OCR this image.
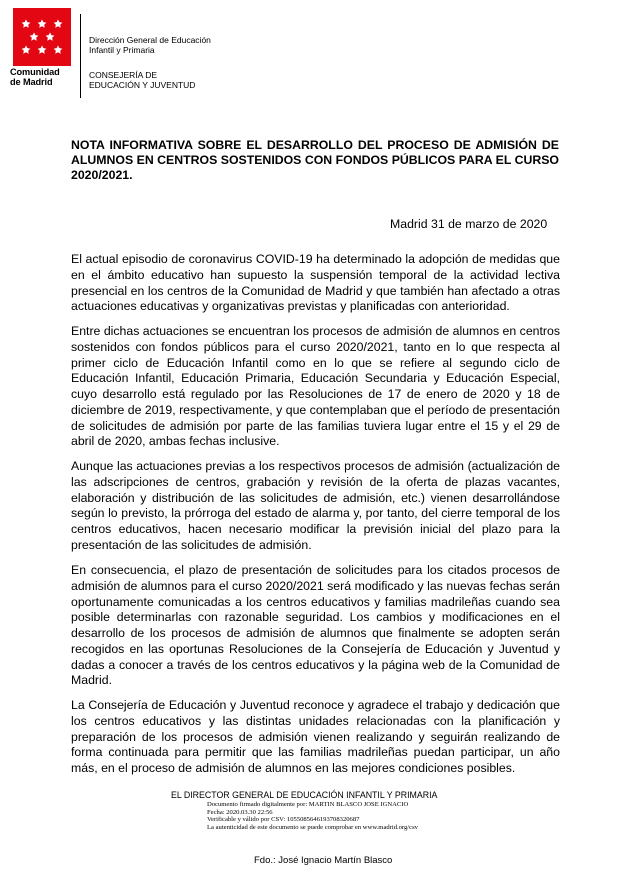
Comunidad
de Madrid
Dirección General de Educación
Infantil y Primaria
CONSEJERÍA DE
EDUCACIÓN Y JUVENTUD
NOTA INFORMATIVA SOBRE EL DESARROLLO DEL PROCESO DE ADMISIÓN DE ALUMNOS EN CENTROS SOSTENIDOS CON FONDOS PÚBLICOS PARA EL CURSO 2020/2021.
Madrid 31 de marzo de 2020

El actual episodio de coronavirus COVID-19 ha determinado la adopción de medidas que en el ámbito educativo han supuesto la suspensión temporal de la actividad lectiva presencial en los centros de la Comunidad de Madrid y que también han afectado a otras actuaciones educativas y organizativas previstas y planificadas con anterioridad.

Entre dichas actuaciones se encuentran los procesos de admisión de alumnos en centros sostenidos con fondos públicos para el curso 2020/2021, tanto en lo que respecta al primer ciclo de Educación Infantil como en lo que se refiere al segundo ciclo de Educación Infantil, Educación Primaria, Educación Secundaria y Educación Especial, cuyo desarrollo está regulado por las Resoluciones de 17 de enero de 2020 y 18 de diciembre de 2019, respectivamente, y que contemplaban que el período de presentación de solicitudes de admisión por parte de las familias tuviera lugar entre el 15 y el 29 de abril de 2020, ambas fechas inclusive.

Aunque las actuaciones previas a los respectivos procesos de admisión (actualización de las adscripciones de centros, grabación y revisión de la oferta de plazas vacantes, elaboración y distribución de las solicitudes de admisión, etc.) vienen desarrollándose según lo previsto, la prórroga del estado de alarma y, por tanto, del cierre temporal de los centros educativos, hacen necesario modificar la previsión inicial del plazo para la presentación de las solicitudes de admisión.

En consecuencia, el plazo de presentación de solicitudes para los citados procesos de admisión de alumnos para el curso 2020/2021 será modificado y las nuevas fechas serán oportunamente comunicadas a los centros educativos y familias madrileñas cuando sea posible determinarlas con razonable seguridad. Los cambios y modificaciones en el desarrollo de los procesos de admisión de alumnos que finalmente se adopten serán recogidos en las oportunas Resoluciones de la Consejería de Educación y Juventud y dadas a conocer a través de los centros educativos y la página web de la Comunidad de Madrid.

La Consejería de Educación y Juventud reconoce y agradece el trabajo y dedicación que los centros educativos y las distintas unidades relacionadas con la planificación y preparación de los procesos de admisión vienen realizando y seguirán realizando de forma continuada para permitir que las familias madrileñas puedan participar, un año más, en el proceso de admisión de alumnos en las mejores condiciones posibles.

EL DIRECTOR GENERAL DE EDUCACIÓN INFANTIL Y PRIMARIA
Documento firmado digitalmente por: MARTIN BLASCO JOSE IGNACIO
Fecha: 2020.03.30 22:56
Verificable y válido por CSV: 1055085646193708320687
La autenticidad de este documento se puede comprobar en www.madrid.org/csv
Fdo.: José Ignacio Martín Blasco
